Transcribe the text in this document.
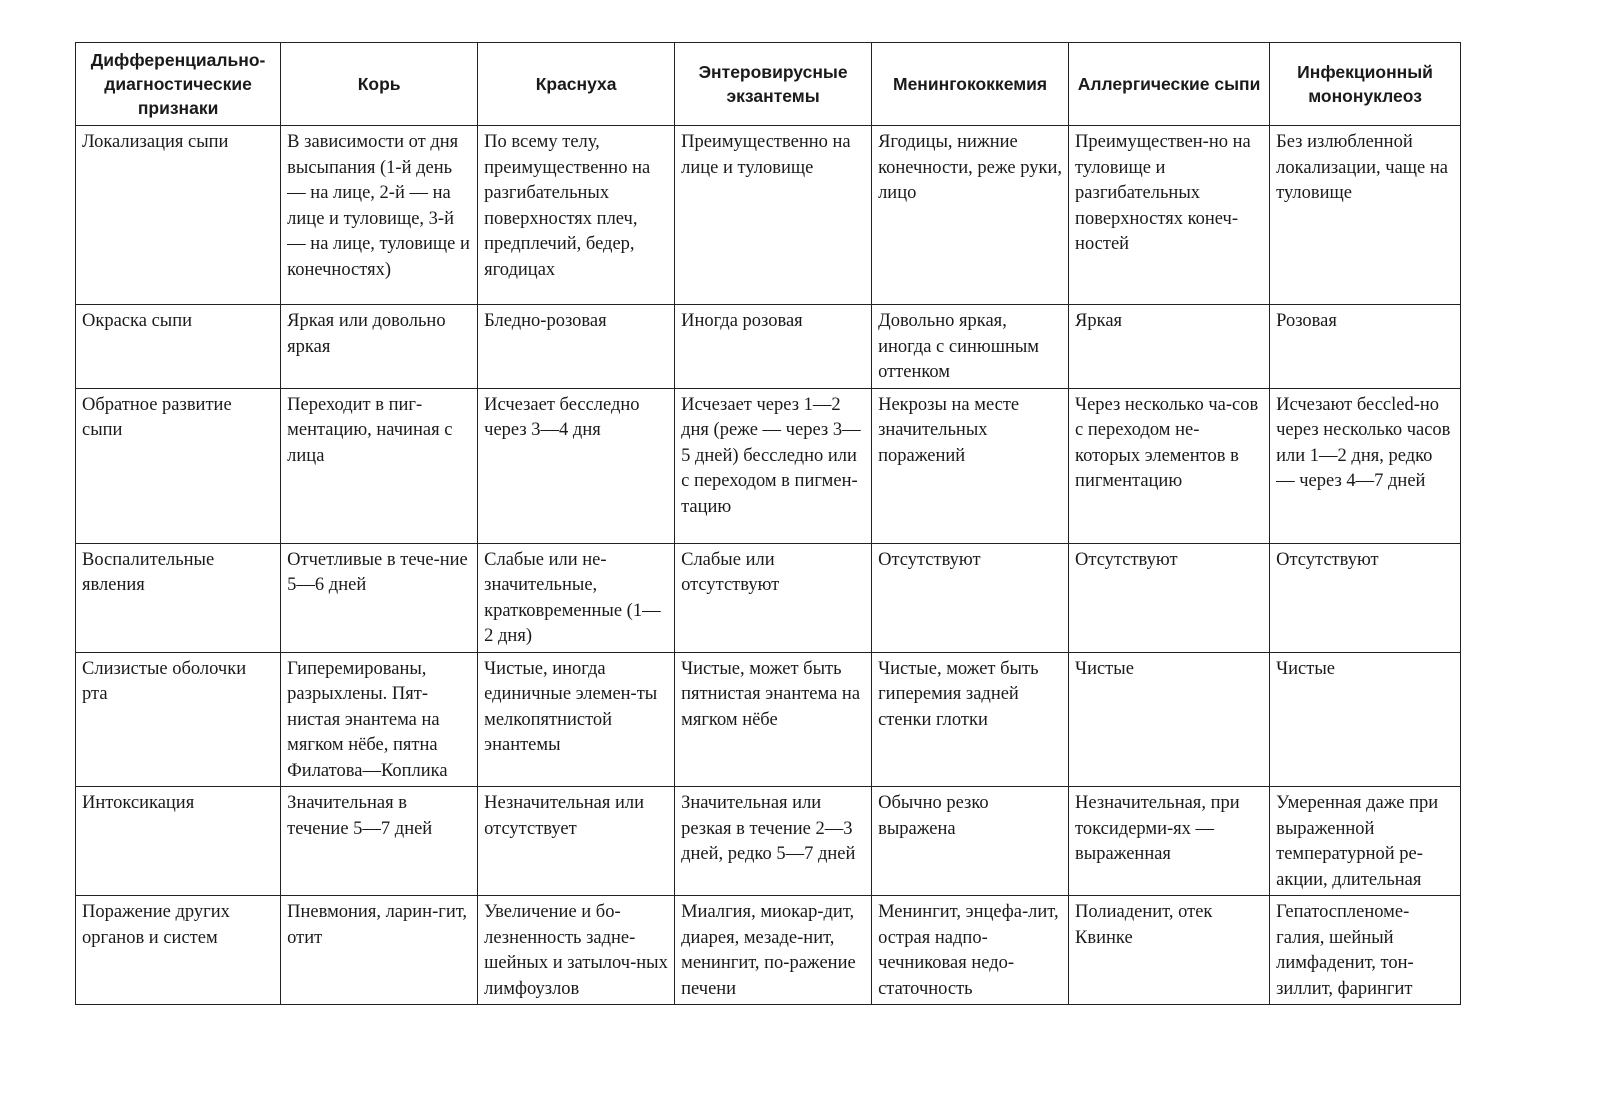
Дифференциально-диагностические признаки	Корь	Краснуха	Энтеровирусные экзантемы	Менингококкемия	Аллергические сыпи	Инфекционный мононуклеоз
Локализация сыпи	В зависимости от дня высыпания (1-й день — на лице, 2-й — на лице и туловище, 3-й — на лице, туловище и конечностях)	По всему телу, преимущественно на разгибательных поверхностях плеч, предплечий, бедер, ягодицах	Преимущественно на лице и туловище	Ягодицы, нижние конечности, реже руки, лицо	Преимуществен-но на туловище и разгибательных поверхностях конеч-ностей	Без излюбленной локализации, чаще на туловище
Окраска сыпи	Яркая или довольно яркая	Бледно-розовая	Иногда розовая	Довольно яркая, иногда с синюшным оттенком	Яркая	Розовая
Обратное развитие сыпи	Переходит в пиг-ментацию, начиная с лица	Исчезает бесследно через 3—4 дня	Исчезает через 1—2 дня (реже — через 3—5 дней) бесследно или с переходом в пигмен-тацию	Некрозы на месте значительных поражений	Через несколько ча-сов с переходом не-которых элементов в пигментацию	Исчезают бессled-но через несколько часов или 1—2 дня, редко — через 4—7 дней
Воспалительные явления	Отчетливые в тече-ние 5—6 дней	Слабые или не-значительные, кратковременные (1—2 дня)	Слабые или отсутствуют	Отсутствуют	Отсутствуют	Отсутствуют
Слизистые оболочки рта	Гиперемированы, разрыхлены. Пят-нистая энантема на мягком нёбе, пятна Филатова—Коплика	Чистые, иногда единичные элемен-ты мелкопятнистой энантемы	Чистые, может быть пятнистая энантема на мягком нёбе	Чистые, может быть гиперемия задней стенки глотки	Чистые	Чистые
Интоксикация	Значительная в течение 5—7 дней	Незначительная или отсутствует	Значительная или резкая в течение 2—3 дней, редко 5—7 дней	Обычно резко выражена	Незначительная, при токсидерми-ях — выраженная	Умеренная даже при выраженной температурной ре-акции, длительная
Поражение других органов и систем	Пневмония, ларин-гит, отит	Увеличение и бо-лезненность задне-шейных и затылоч-ных лимфоузлов	Миалгия, миокар-дит, диарея, мезаде-нит, менингит, по-ражение печени	Менингит, энцефа-лит, острая надпо-чечниковая недо-статочность	Полиаденит, отек Квинке	Гепатоспленоме-галия, шейный лимфаденит, тон-зиллит, фарингит
